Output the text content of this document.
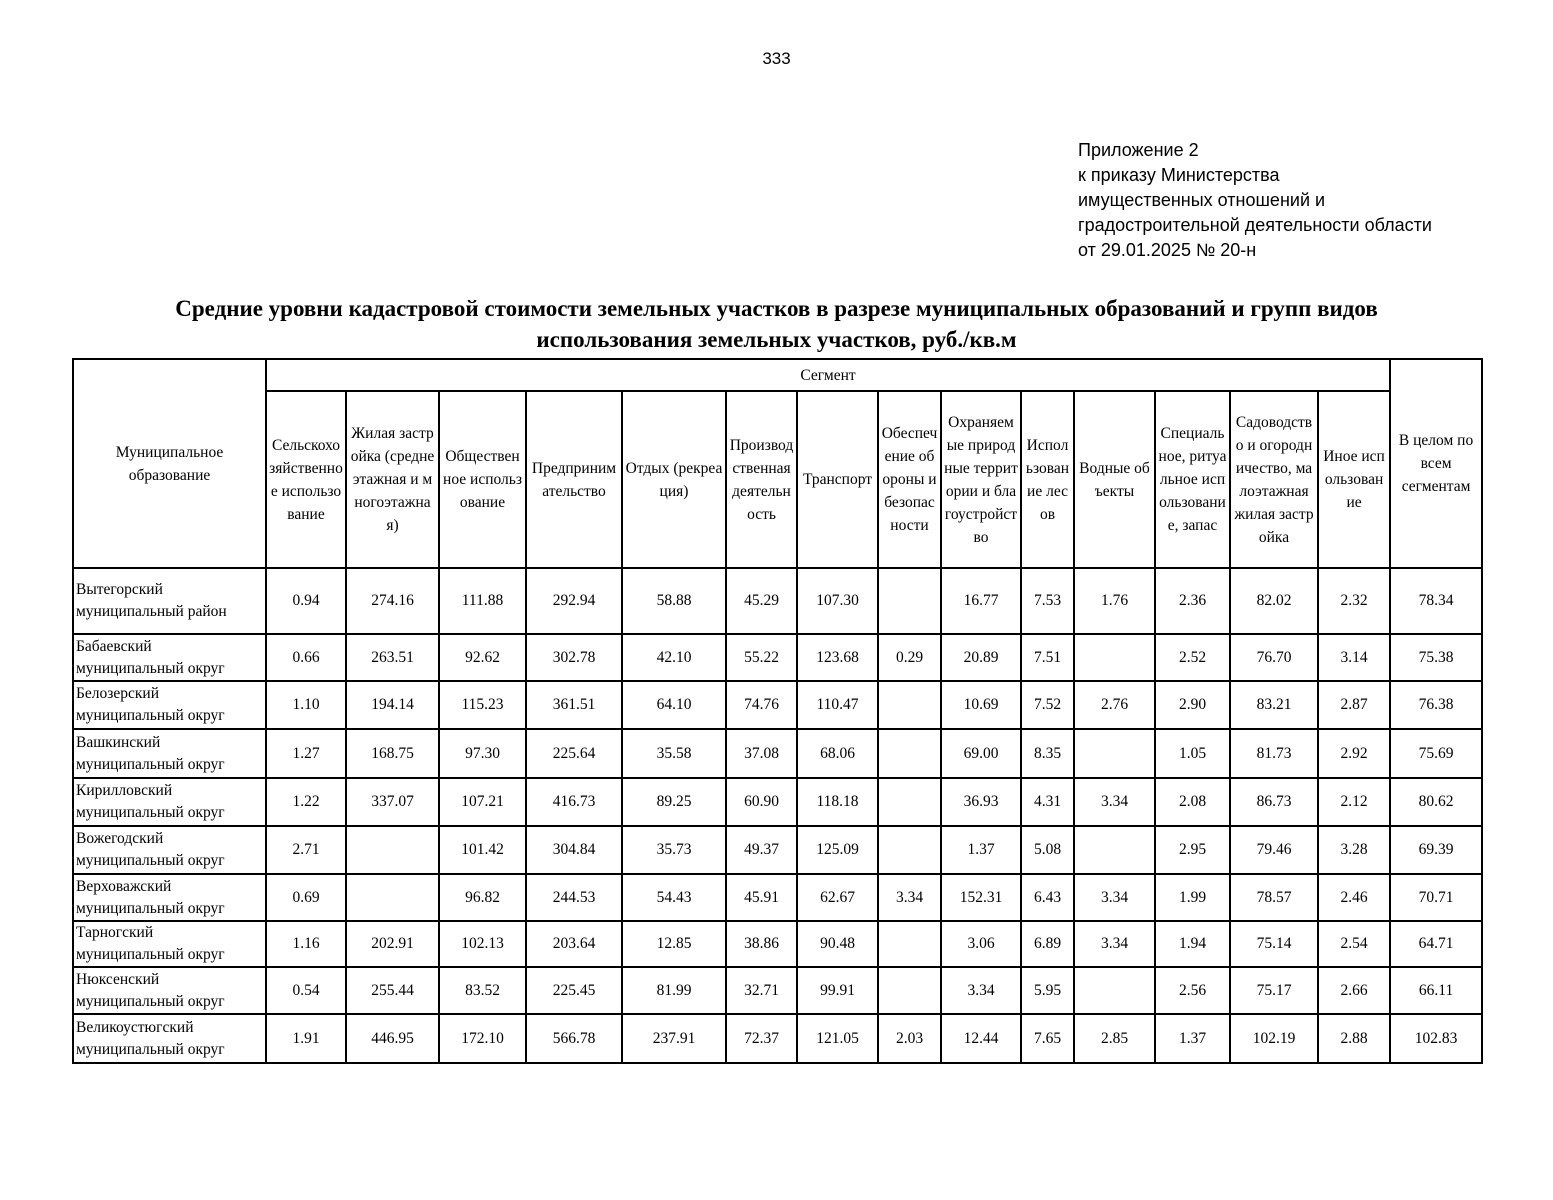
333
Приложение 2
к приказу Министерства
имущественных отношений и
градостроительной деятельности области
от 29.01.2025 № 20-н
Средние уровни кадастровой стоимости земельных участков в разрезе муниципальных образований и групп видов
использования земельных участков, руб./кв.м
Муниципальное образование	Сегмент														В целом по всем сегментам
	Сельскохозяйственное использование	Жилая застройка (среднеэтажная и многоэтажная)	Общественное использование	Предпринимательство	Отдых (рекреация)	Производственная деятельность	Транспорт	Обеспечение обороны и безопасности	Охраняемые природные территории и благоустройство	Использование лесов	Водные объекты	Специальное, ритуальное использование, запас	Садоводство и огородничество, малоэтажная жилая застройка	Иное использование	

Вытегорский
муниципальный район	0.94	274.16	111.88	292.94	58.88	45.29	107.30		16.77	7.53	1.76	2.36	82.02	2.32	78.34

Бабаевский
муниципальный округ	0.66	263.51	92.62	302.78	42.10	55.22	123.68	0.29	20.89	7.51		2.52	76.70	3.14	75.38

Белозерский
муниципальный округ	1.10	194.14	115.23	361.51	64.10	74.76	110.47		10.69	7.52	2.76	2.90	83.21	2.87	76.38

Вашкинский
муниципальный округ	1.27	168.75	97.30	225.64	35.58	37.08	68.06		69.00	8.35		1.05	81.73	2.92	75.69

Кирилловский
муниципальный округ	1.22	337.07	107.21	416.73	89.25	60.90	118.18		36.93	4.31	3.34	2.08	86.73	2.12	80.62

Вожегодский
муниципальный округ	2.71		101.42	304.84	35.73	49.37	125.09		1.37	5.08		2.95	79.46	3.28	69.39

Верховажский
муниципальный округ	0.69		96.82	244.53	54.43	45.91	62.67	3.34	152.31	6.43	3.34	1.99	78.57	2.46	70.71

Тарногский
муниципальный округ	1.16	202.91	102.13	203.64	12.85	38.86	90.48		3.06	6.89	3.34	1.94	75.14	2.54	64.71

Нюксенский
муниципальный округ	0.54	255.44	83.52	225.45	81.99	32.71	99.91		3.34	5.95		2.56	75.17	2.66	66.11

Великоустюгский
муниципальный округ	1.91	446.95	172.10	566.78	237.91	72.37	121.05	2.03	12.44	7.65	2.85	1.37	102.19	2.88	102.83
